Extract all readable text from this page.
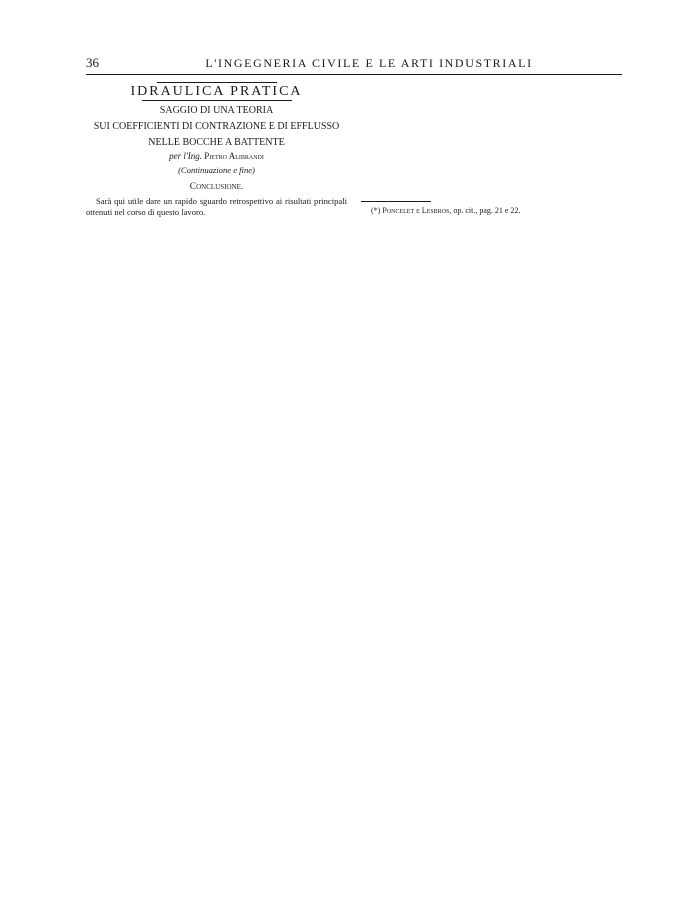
36	L'INGEGNERIA CIVILE E LE ARTI INDUSTRIALI
IDRAULICA PRATICA
SAGGIO DI UNA TEORIA
SUI COEFFICIENTI DI CONTRAZIONE E DI EFFLUSSO
NELLE BOCCHE A BATTENTE
per l'Ing. Pietro Alibrandi
(Continuazione e fine)
Conclusione.

Sarà qui utile dare un rapido sguardo retrospettivo ai risultati principali ottenuti nel corso di questo lavoro.	(*) Poncelet e Lesbros, op. cit., pag. 21 e 22.
